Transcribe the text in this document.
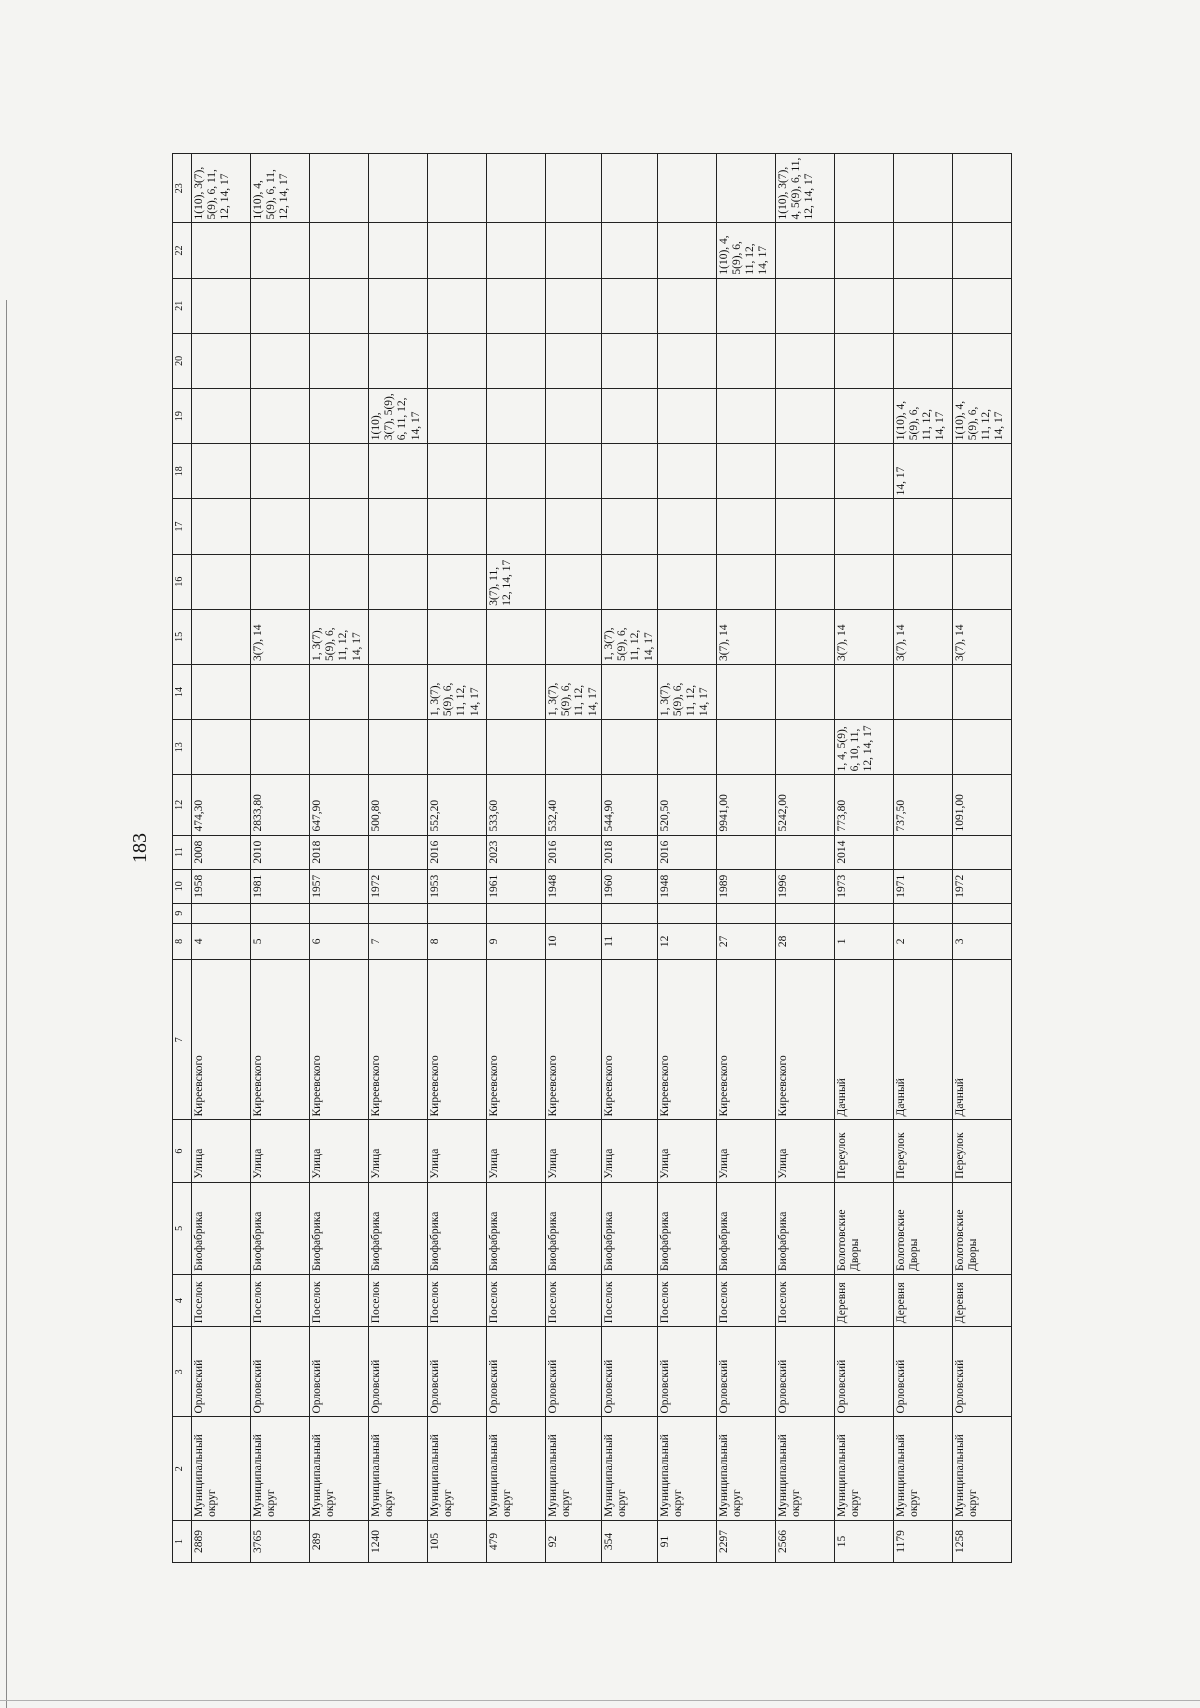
183
1	2	3	4	5	6	7	8	9	10	11	12	13	14	15	16	17	18	19	20	21	22	23
2889	Муниципальный округ	Орловский	Поселок	Биофабрика	Улица	Киреевского	4		1958	2008	474,30											1(10), 3(7), 5(9), 6, 11, 12, 14, 17
3765	Муниципальный округ	Орловский	Поселок	Биофабрика	Улица	Киреевского	5		1981	2010	2833,80			3(7), 14								1(10), 4, 5(9), 6, 11, 12, 14, 17
289	Муниципальный округ	Орловский	Поселок	Биофабрика	Улица	Киреевского	6		1957	2018	647,90			1, 3(7), 5(9), 6, 11, 12, 14, 17								
1240	Муниципальный округ	Орловский	Поселок	Биофабрика	Улица	Киреевского	7		1972		500,80							1(10), 3(7), 5(9), 6, 11, 12, 14, 17				
105	Муниципальный округ	Орловский	Поселок	Биофабрика	Улица	Киреевского	8		1953	2016	552,20		1, 3(7), 5(9), 6, 11, 12, 14, 17									
479	Муниципальный округ	Орловский	Поселок	Биофабрика	Улица	Киреевского	9		1961	2023	533,60				3(7), 11, 12, 14, 17							
92	Муниципальный округ	Орловский	Поселок	Биофабрика	Улица	Киреевского	10		1948	2016	532,40		1, 3(7), 5(9), 6, 11, 12, 14, 17									
354	Муниципальный округ	Орловский	Поселок	Биофабрика	Улица	Киреевского	11		1960	2018	544,90			1, 3(7), 5(9), 6, 11, 12, 14, 17								
91	Муниципальный округ	Орловский	Поселок	Биофабрика	Улица	Киреевского	12		1948	2016	520,50		1, 3(7), 5(9), 6, 11, 12, 14, 17									
2297	Муниципальный округ	Орловский	Поселок	Биофабрика	Улица	Киреевского	27		1989		9941,00			3(7), 14							1(10), 4, 5(9), 6, 11, 12, 14, 17	
2566	Муниципальный округ	Орловский	Поселок	Биофабрика	Улица	Киреевского	28		1996		5242,00											1(10), 3(7), 4, 5(9), 6, 11, 12, 14, 17
15	Муниципальный округ	Орловский	Деревня	Болотовские Дворы	Переулок	Дачный	1		1973	2014	773,80	1, 4, 5(9), 6, 10, 11, 12, 14, 17		3(7), 14								
1179	Муниципальный округ	Орловский	Деревня	Болотовские Дворы	Переулок	Дачный	2		1971		737,50			3(7), 14			14, 17	1(10), 4, 5(9), 6, 11, 12, 14, 17				
1258	Муниципальный округ	Орловский	Деревня	Болотовские Дворы	Переулок	Дачный	3		1972		1091,00			3(7), 14				1(10), 4, 5(9), 6, 11, 12, 14, 17				
